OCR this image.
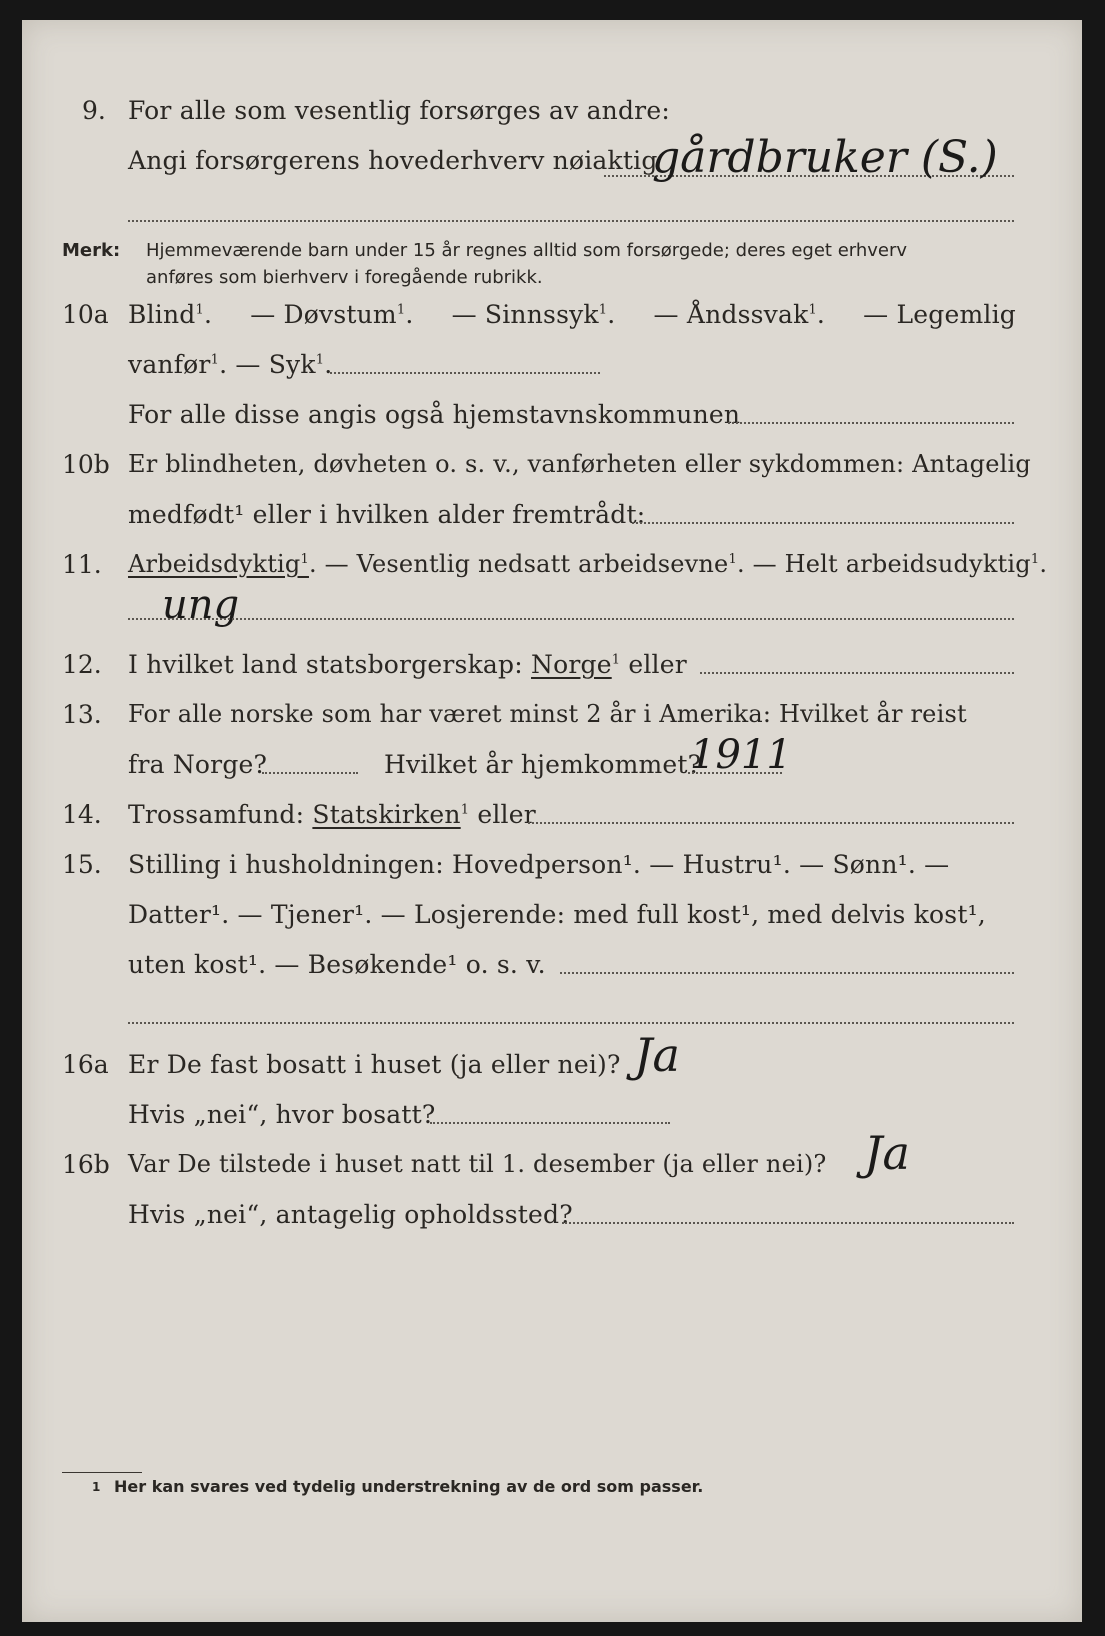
9. For alle som vesentlig forsørges av andre:
Angi forsørgerens hovederhverv nøiaktig
gårdbruker (S.)
Merk: Hjemmeværende barn under 15 år regnes alltid som forsørgede; deres eget erhverv
anføres som bierhverv i foregående rubrikk.
10a Blind$^1$. — Døvstum$^1$. — Sinnssyk$^1$. — Åndssvak$^1$. — Legemlig
vanfør$^1$. — Syk$^1$.
For alle disse angis også hjemstavnskommunen
10b Er blindheten, døvheten o. s. v., vanførheten eller sykdommen: Antagelig
medfødt¹ eller i hvilken alder fremtrådt:
11. Arbeidsdyktig$^1$. — Vesentlig nedsatt arbeidsevne$^1$. — Helt arbeidsudyktig$^1$.
ung
12. I hvilket land statsborgerskap: Norge$^1$ eller
13. For alle norske som har været minst 2 år i Amerika: Hvilket år reist
fra Norge?	Hvilket år hjemkommet?
1911
14. Trossamfund: Statskirken$^1$ eller
15. Stilling i husholdningen: Hovedperson¹. — Hustru¹. — Sønn¹. —
Datter¹. — Tjener¹. — Losjerende: med full kost¹, med delvis kost¹,
uten kost¹. — Besøkende¹ o. s. v.
16a Er De fast bosatt i huset (ja eller nei)? Ja
Hvis „nei“, hvor bosatt?
16b Var De tilstede i huset natt til 1. desember (ja eller nei)? Ja
Hvis „nei“, antagelig opholdssted?
1 Her kan svares ved tydelig understrekning av de ord som passer.
